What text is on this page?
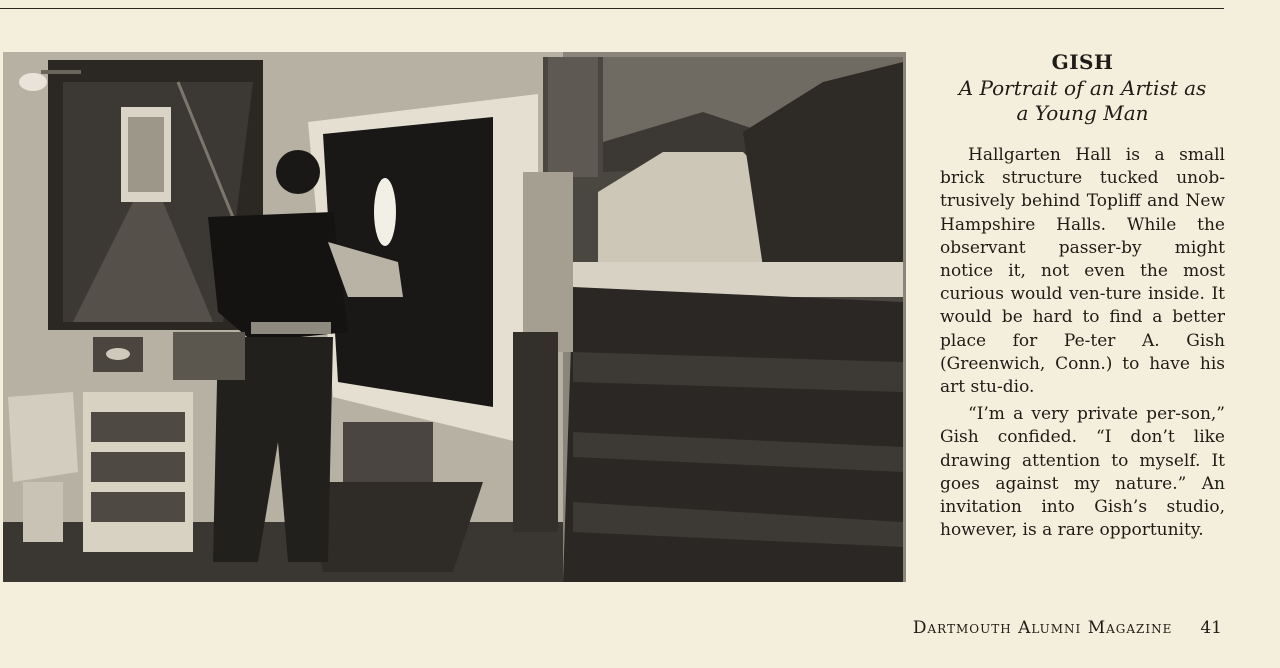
GISH
A Portrait of an Artist as
a Young Man

Hallgarten Hall is a small brick structure tucked unob-trusively behind Topliff and New Hampshire Halls. While the observant passer-by might notice it, not even the most curious would ven-ture inside. It would be hard to find a better place for Pe-ter A. Gish (Greenwich, Conn.) to have his art stu-dio.

“I’m a very private per-son,” Gish confided. “I don’t like drawing attention to myself. It goes against my nature.” An invitation into Gish’s studio, however, is a rare opportunity.

Dartmouth Alumni Magazine 41
